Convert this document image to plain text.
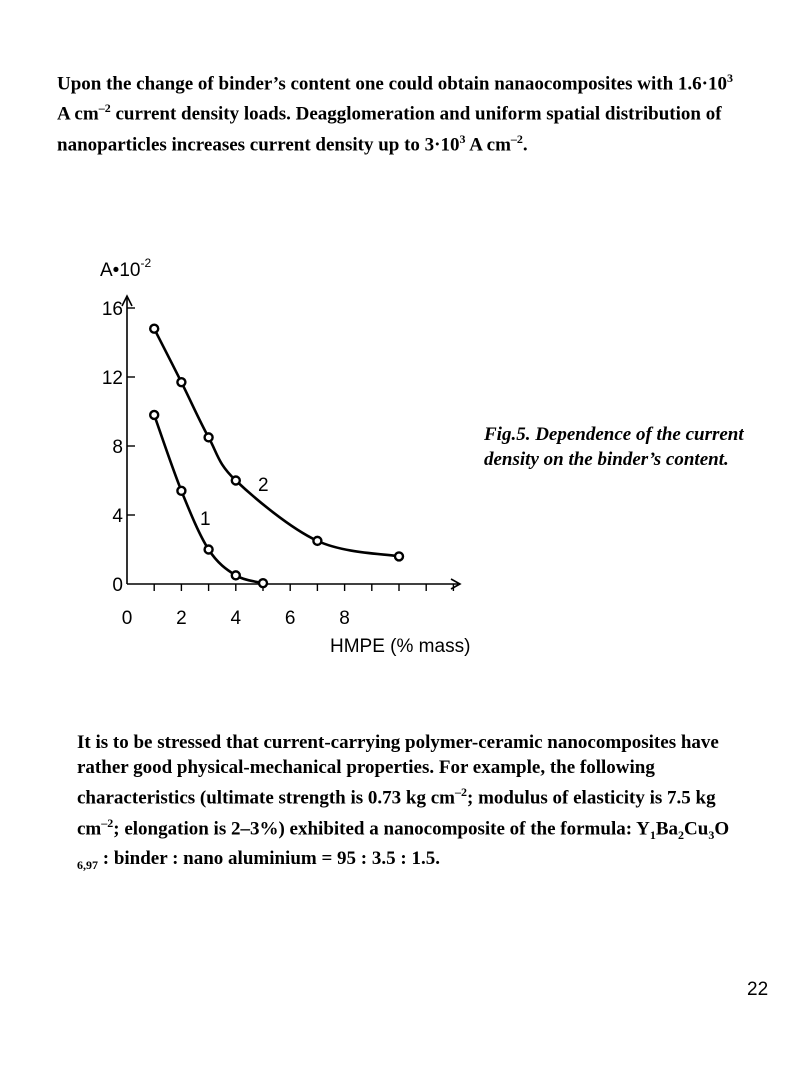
Upon the change of binder’s content one could obtain nanaocomposites with $1.6\cdot 10^3$ A $cm^{-2}$ current density loads. Deagglomeration and uniform spatial distribution of nanoparticles increases current density up to $3\cdot 10^3$ A $cm^{-2}$.
$A•10^{-2}$
HMPE (% mass)
0
4
8
12
16
0 2 4 6 8
1
2
Fig.5. Dependence of the current density on the binder’s content.
It is to be stressed that current-carrying polymer-ceramic nanocomposites have rather good physical-mechanical properties. For example, the following characteristics (ultimate strength is 0.73 kg $cm^{-2}$; modulus of elasticity is 7.5 kg $cm^{-2}$; elongation is 2–3%) exhibited a nanocomposite of the formula: $Y_1Ba_2Cu_3O$
$_{6,97}$ : binder : nano aluminium = 95 : 3.5 : 1.5.
22
